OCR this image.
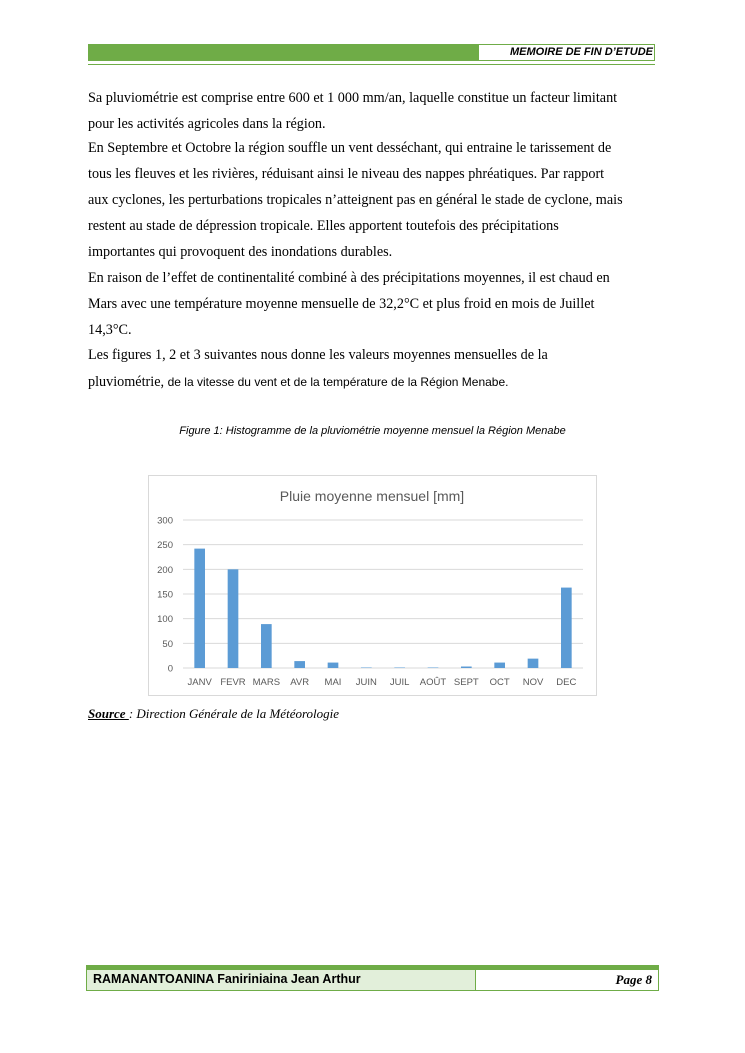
MEMOIRE DE FIN D’ETUDE
Sa pluviométrie est comprise entre 600 et 1 000 mm/an, laquelle constitue un facteur limitant
pour les activités agricoles dans la région.
En Septembre et Octobre la région souffle un vent desséchant, qui entraine le tarissement de
tous les fleuves et les rivières, réduisant ainsi le niveau des nappes phréatiques. Par rapport
aux cyclones, les perturbations tropicales n’atteignent pas en général le stade de cyclone, mais
restent au stade de dépression tropicale. Elles apportent toutefois des précipitations
importantes qui provoquent des inondations durables.
En raison de l’effet de continentalité combiné à des précipitations moyennes, il est chaud en
Mars avec une température moyenne mensuelle de 32,2°C et plus froid en mois de Juillet
14,3°C.
Les figures 1, 2 et 3 suivantes nous donne les valeurs moyennes mensuelles de la
pluviométrie, de la vitesse du vent et de la température de la Région Menabe.
Figure 1: Histogramme de la pluviométrie moyenne mensuel la Région Menabe
Pluie moyenne mensuel [mm]
0
50
100
150
200
250
300
JANV FEVR MARS AVR MAI JUIN JUIL AOÛT SEPT OCT NOV DEC
Source : Direction Générale de la Météorologie
RAMANANTOANINA Faniriniaina Jean Arthur	Page 8
